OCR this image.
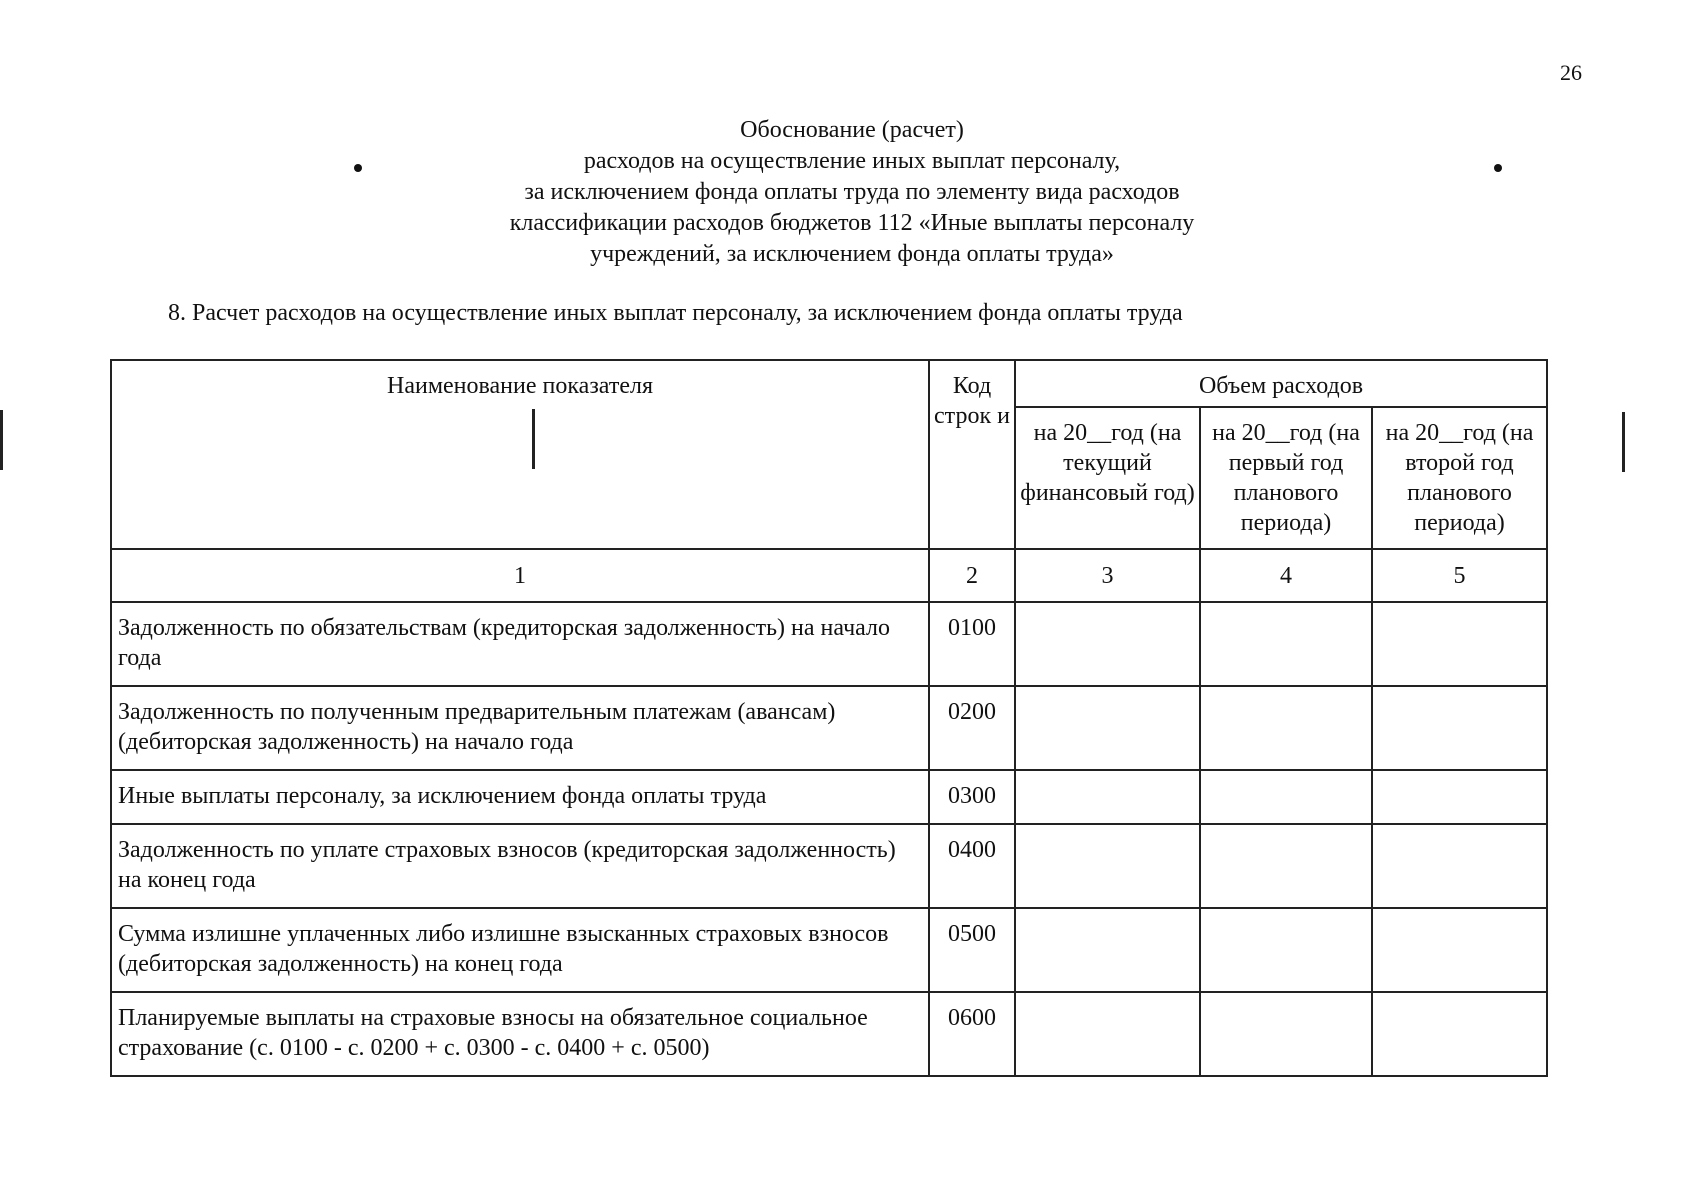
26
Обоснование (расчет)
расходов на осуществление иных выплат персоналу,
за исключением фонда оплаты труда по элементу вида расходов
классификации расходов бюджетов 112 «Иные выплаты персоналу
учреждений, за исключением фонда оплаты труда»
8. Расчет расходов на осуществление иных выплат персоналу, за исключением фонда оплаты труда
Наименование показателя	Код строк и	Объем расходов		
		на 20__год (на текущий финансовый год)	на 20__год (на первый год планового периода)	на 20__год (на второй год планового периода)
1	2	3	4	5
Задолженность по обязательствам (кредиторская задолженность) на начало года	0100			
Задолженность по полученным предварительным платежам (авансам) (дебиторская задолженность) на начало года	0200			
Иные выплаты персоналу, за исключением фонда оплаты труда	0300			
Задолженность по уплате страховых взносов (кредиторская задолженность) на конец года	0400			
Сумма излишне уплаченных либо излишне взысканных страховых взносов (дебиторская задолженность) на конец года	0500			
Планируемые выплаты на страховые взносы на обязательное социальное страхование (с. 0100 - с. 0200 + с. 0300 - с. 0400 + с. 0500)	0600			
